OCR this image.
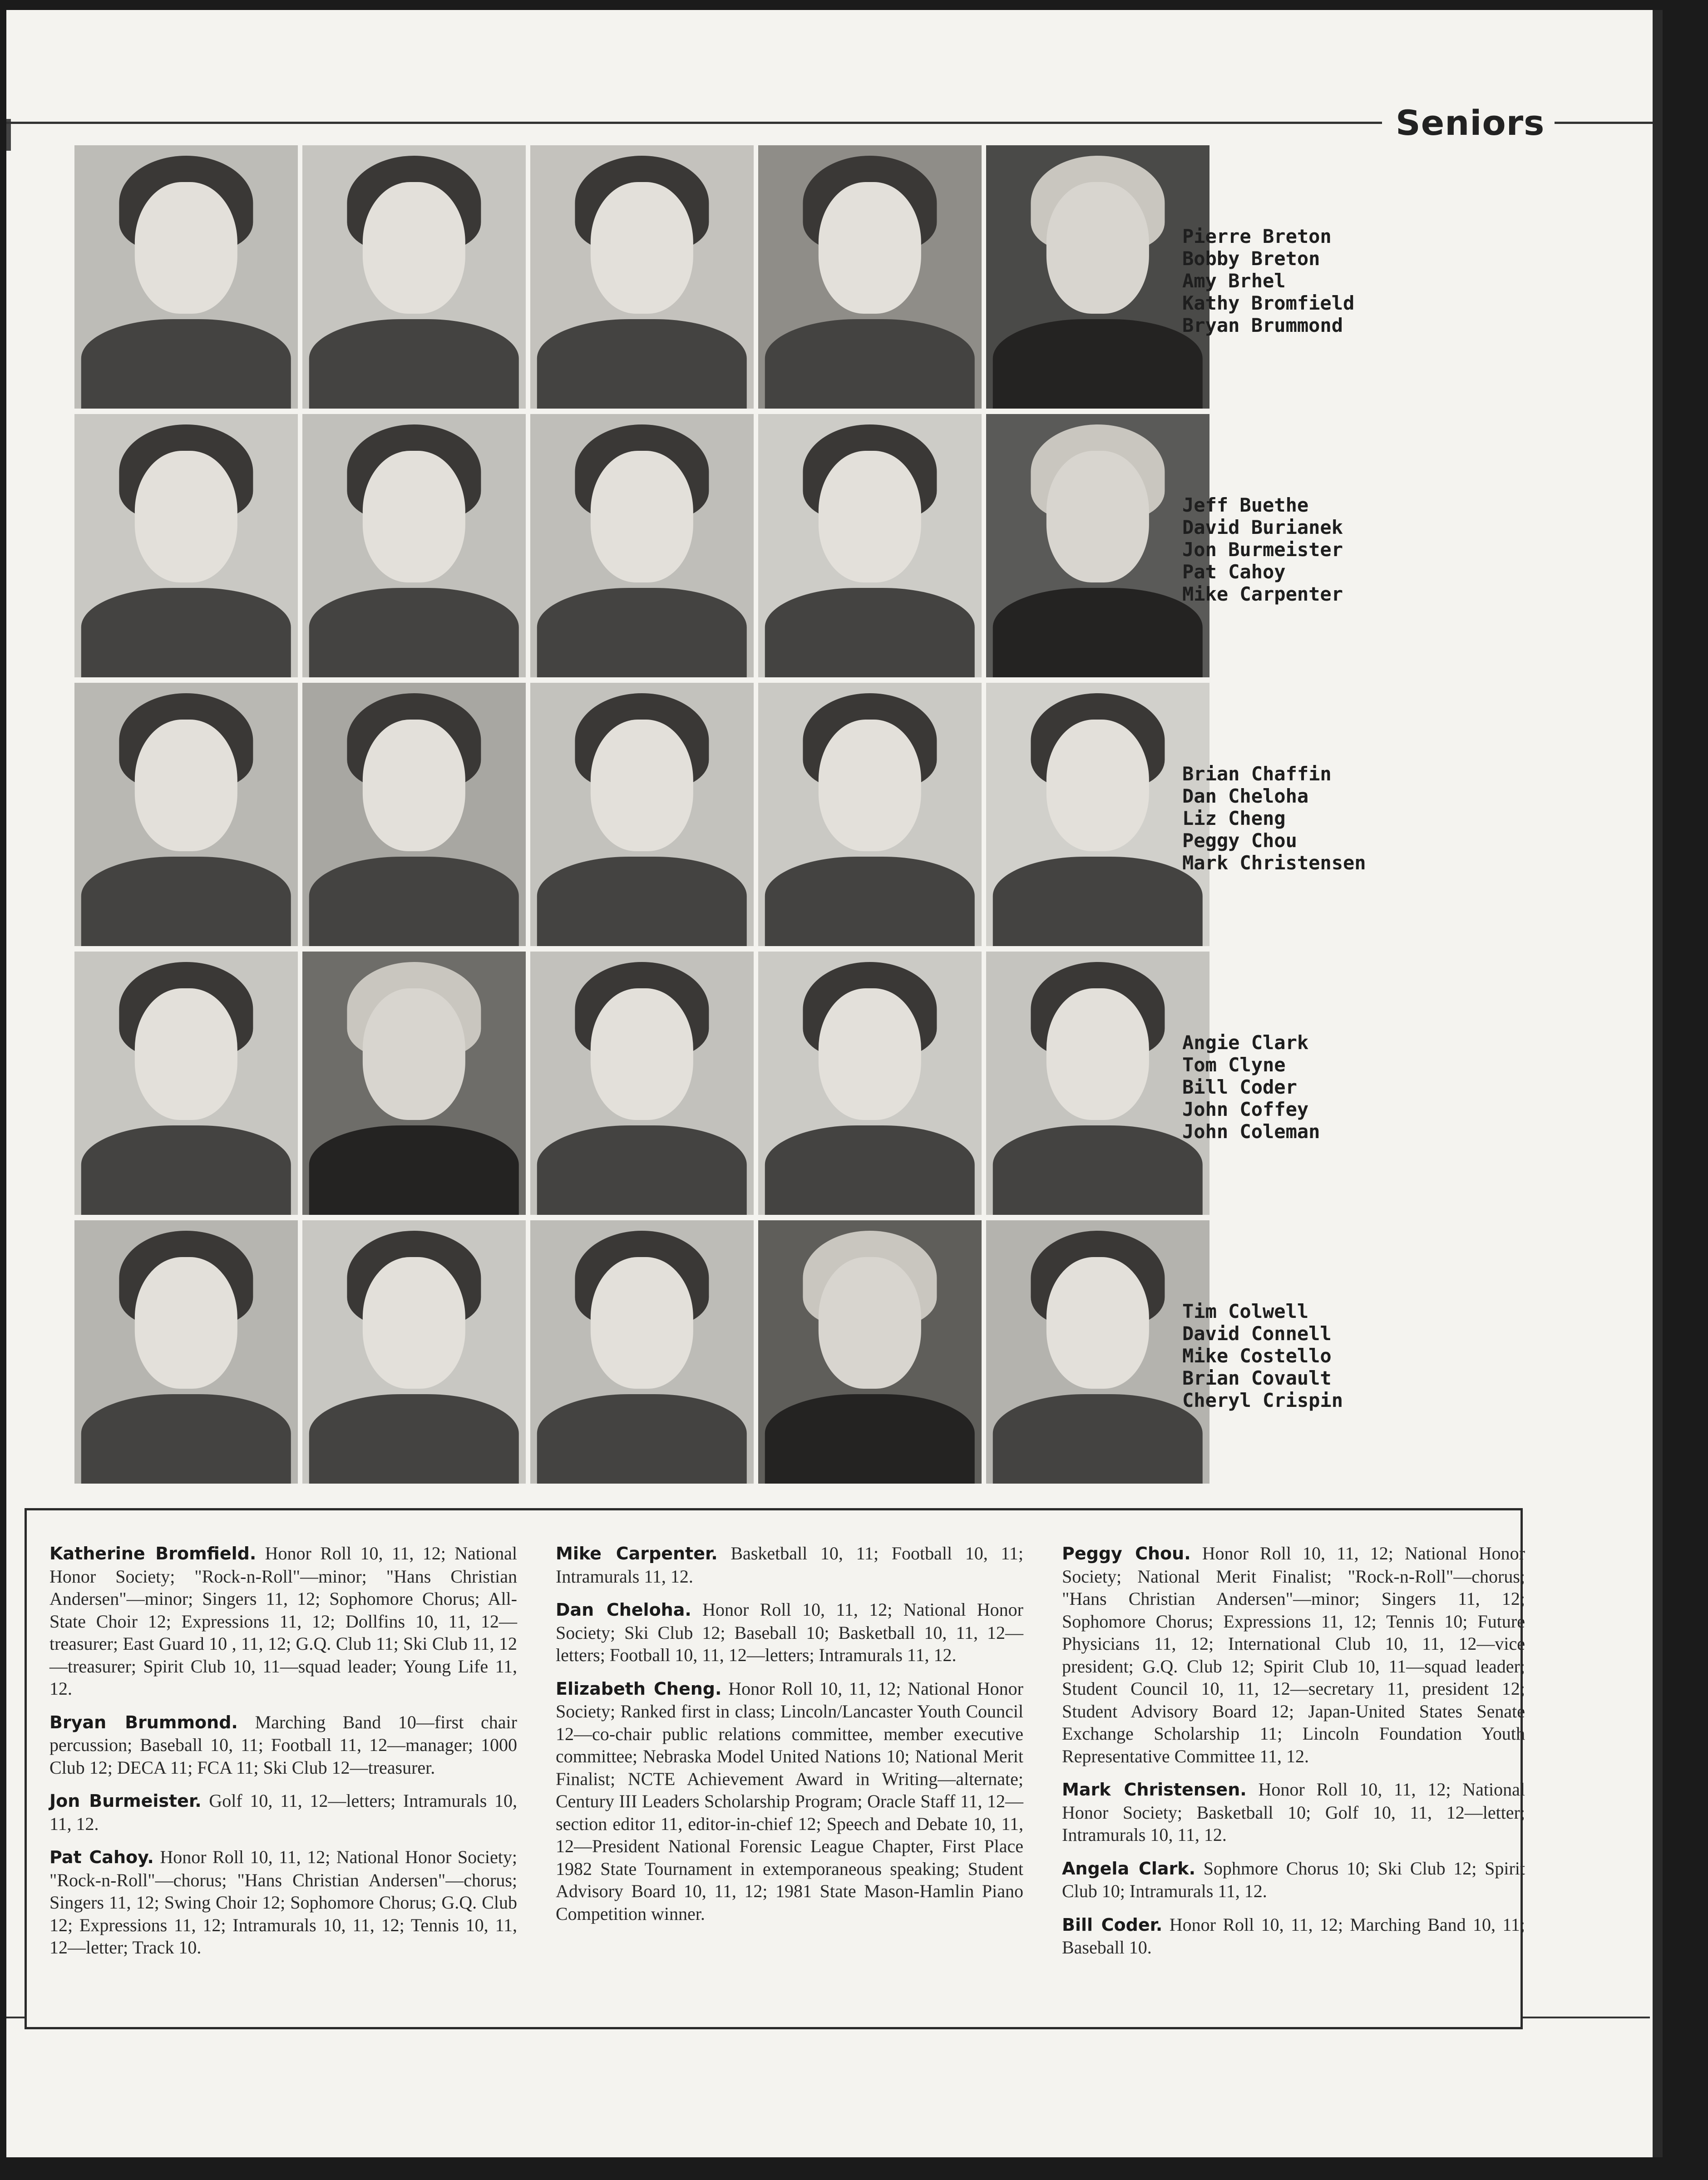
Seniors

Katherine Bromfield. Honor Roll 10, 11, 12; National Honor Society; "Rock-n-Roll"—minor; "Hans Christian Andersen"—minor; Singers 11, 12; Sophomore Chorus; All-State Choir 12; Expressions 11, 12; Dollfins 10, 11, 12—treasurer; East Guard 10 , 11, 12; G.Q. Club 11; Ski Club 11, 12—treasurer; Spirit Club 10, 11—squad leader; Young Life 11, 12.

Bryan Brummond. Marching Band 10—first chair percussion; Baseball 10, 11; Football 11, 12—manager; 1000 Club 12; DECA 11; FCA 11; Ski Club 12—treasurer.

Jon Burmeister. Golf 10, 11, 12—letters; Intramurals 10, 11, 12.

Pat Cahoy. Honor Roll 10, 11, 12; National Honor Society; "Rock-n-Roll"—chorus; "Hans Christian Andersen"—chorus; Singers 11, 12; Swing Choir 12; Sophomore Chorus; G.Q. Club 12; Expressions 11, 12; Intramurals 10, 11, 12; Tennis 10, 11, 12—letter; Track 10.

Mike Carpenter. Basketball 10, 11; Football 10, 11; Intramurals 11, 12.

Dan Cheloha. Honor Roll 10, 11, 12; National Honor Society; Ski Club 12; Baseball 10; Basketball 10, 11, 12—letters; Football 10, 11, 12—letters; Intramurals 11, 12.

Elizabeth Cheng. Honor Roll 10, 11, 12; National Honor Society; Ranked first in class; Lincoln/Lancaster Youth Council 12—co-chair public relations committee, member executive committee; Nebraska Model United Nations 10; National Merit Finalist; NCTE Achievement Award in Writing—alternate; Century III Leaders Scholarship Program; Oracle Staff 11, 12—section editor 11, editor-in-chief 12; Speech and Debate 10, 11, 12—President National Forensic League Chapter, First Place 1982 State Tournament in extemporaneous speaking; Student Advisory Board 10, 11, 12; 1981 State Mason-Hamlin Piano Competition winner.

Peggy Chou. Honor Roll 10, 11, 12; National Honor Society; National Merit Finalist; "Rock-n-Roll"—chorus; "Hans Christian Andersen"—minor; Singers 11, 12; Sophomore Chorus; Expressions 11, 12; Tennis 10; Future Physicians 11, 12; International Club 10, 11, 12—vice president; G.Q. Club 12; Spirit Club 10, 11—squad leader; Student Council 10, 11, 12—secretary 11, president 12; Student Advisory Board 12; Japan-United States Senate Exchange Scholarship 11; Lincoln Foundation Youth Representative Committee 11, 12.

Mark Christensen. Honor Roll 10, 11, 12; National Honor Society; Basketball 10; Golf 10, 11, 12—letter; Intramurals 10, 11, 12.

Angela Clark. Sophmore Chorus 10; Ski Club 12; Spirit Club 10; Intramurals 11, 12.

Bill Coder. Honor Roll 10, 11, 12; Marching Band 10, 11; Baseball 10.

Pierre Breton
Bobby Breton
Amy Brhel
Kathy Bromfield
Bryan Brummond
Jeff Buethe
David Burianek
Jon Burmeister
Pat Cahoy
Mike Carpenter
Brian Chaffin
Dan Cheloha
Liz Cheng
Peggy Chou
Mark Christensen
Angie Clark
Tom Clyne
Bill Coder
John Coffey
John Coleman
Tim Colwell
David Connell
Mike Costello
Brian Covault
Cheryl Crispin
